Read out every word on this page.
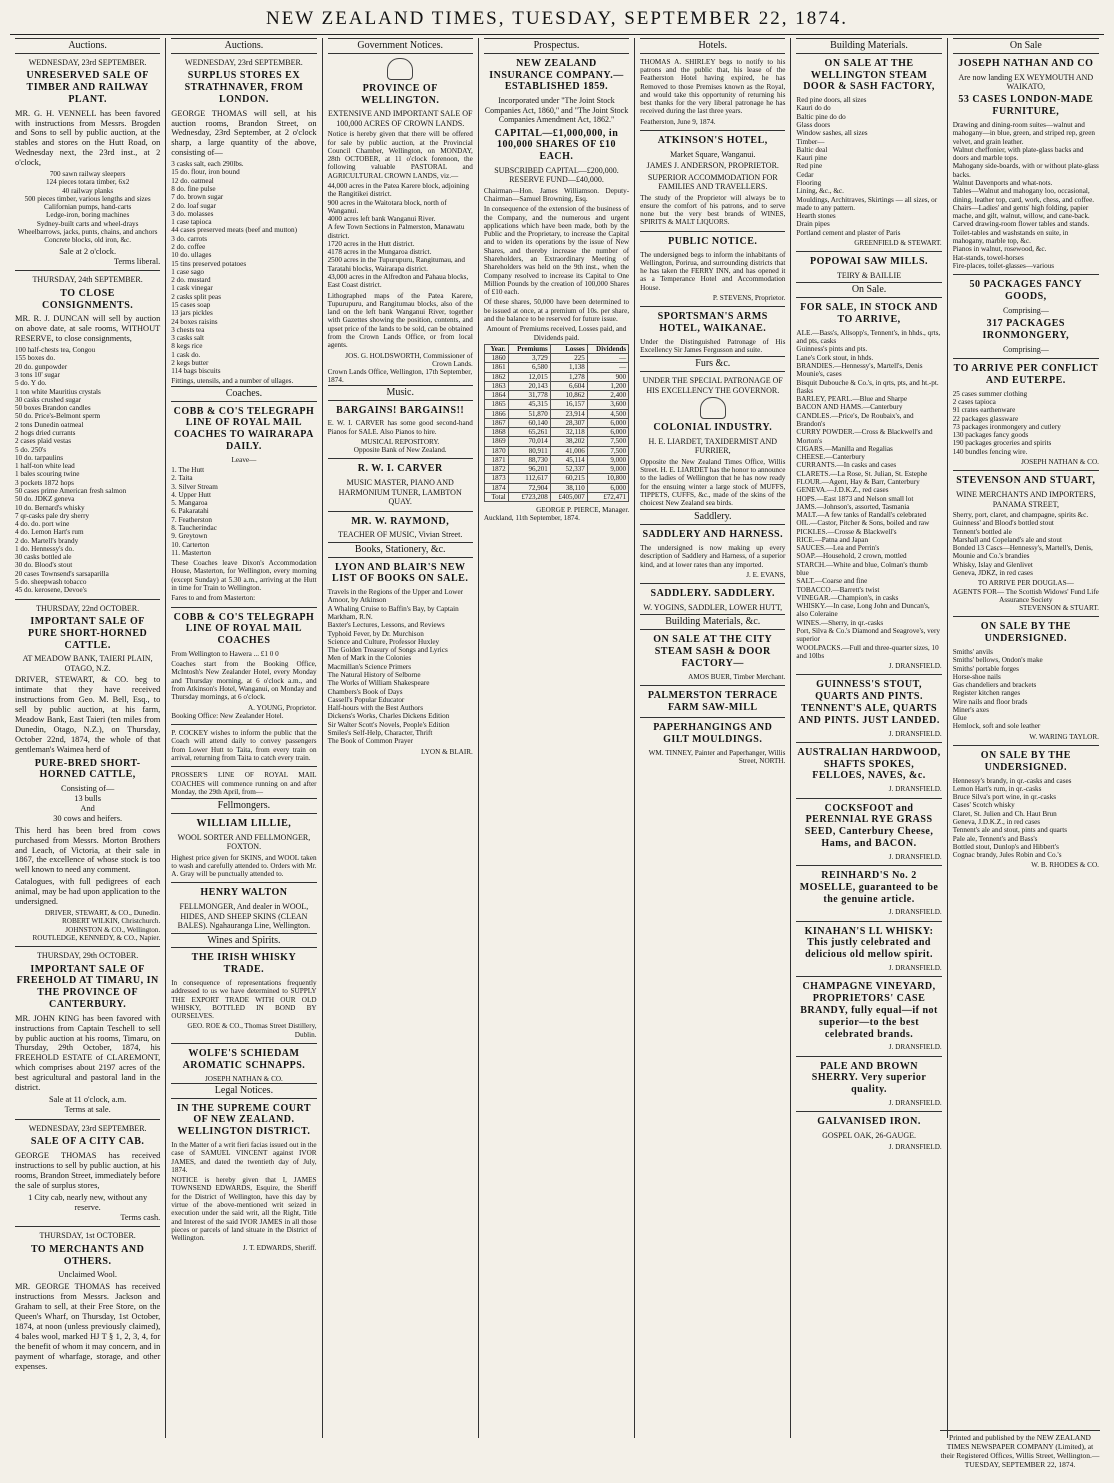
NEW ZEALAND TIMES, TUESDAY, SEPTEMBER 22, 1874.
Auctions.
WEDNESDAY, 23rd SEPTEMBER.
UNRESERVED SALE OF TIMBER AND RAILWAY PLANT.

MR. G. H. VENNELL has been favored with instructions from Messrs. Brogden and Sons to sell by public auction, at the stables and stores on the Hutt Road, on Wednesday next, the 23rd inst., at 2 o'clock,

700 sawn railway sleepers
124 pieces totara timber, 6x2
40 railway planks
500 pieces timber, various lengths and sizes
Californian pumps, hand-carts
Ledge-iron, boring machines
Sydney-built carts and wheel-drays
Wheelbarrows, jacks, punts, chains, and anchors
Concrete blocks, old iron, &c.
Sale at 2 o'clock.
Terms liberal.
THURSDAY, 24th SEPTEMBER.
TO CLOSE CONSIGNMENTS.

MR. R. J. DUNCAN will sell by auction on above date, at sale rooms, WITHOUT RESERVE, to close consignments,

100 half-chests tea, Congou
155 boxes do.
20 do. gunpowder
3 tons 10' sugar
5 do. Y do.
1 ton white Mauritius crystals
30 casks crushed sugar
50 boxes Brandon candles
50 do. Price's-Belmont sperm
2 tons Dunedin oatmeal
2 hogs dried currants
2 cases plaid vestas
5 do. 250's
10 do. tarpaulins
1 half-ton white lead
1 bales scouring twine
3 pockets 1872 hops
50 cases prime American fresh salmon
50 do. JDKZ geneva
10 do. Bernard's whisky
7 qr-casks pale dry sherry
4 do. do. port wine
4 do. Lemon Hart's rum
2 do. Martell's brandy
1 do. Hennessy's do.
30 casks bottled ale
30 do. Blood's stout
20 cases Townsend's sarsaparilla
5 do. sheepwash tobacco
45 do. kerosene, Devoe's
THURSDAY, 22nd OCTOBER.
IMPORTANT SALE OF PURE SHORT-HORNED CATTLE.
AT MEADOW BANK, TAIERI PLAIN, OTAGO, N.Z.

DRIVER, STEWART, & CO. beg to intimate that they have received instructions from Geo. M. Bell, Esq., to sell by public auction, at his farm, Meadow Bank, East Taieri (ten miles from Dunedin, Otago, N.Z.), on Thursday, October 22nd, 1874, the whole of that gentleman's Waimea herd of

PURE-BRED SHORT-HORNED CATTLE,
Consisting of—
13 bulls
And
30 cows and heifers.

This herd has been bred from cows purchased from Messrs. Morton Brothers and Leach, of Victoria, at their sale in 1867, the excellence of whose stock is too well known to need any comment.

Catalogues, with full pedigrees of each animal, may be had upon application to the undersigned.

DRIVER, STEWART, & CO., Dunedin.
ROBERT WILKIN, Christchurch.
JOHNSTON & CO., Wellington.
ROUTLEDGE, KENNEDY, & CO., Napier.
THURSDAY, 29th OCTOBER.
IMPORTANT SALE OF FREEHOLD AT TIMARU, IN THE PROVINCE OF CANTERBURY.

MR. JOHN KING has been favored with instructions from Captain Teschell to sell by public auction at his rooms, Timaru, on Thursday, 29th October, 1874, his FREEHOLD ESTATE of CLAREMONT, which comprises about 2197 acres of the best agricultural and pastoral land in the district.

Sale at 11 o'clock, a.m.
Terms at sale.
WEDNESDAY, 23rd SEPTEMBER.
SALE OF A CITY CAB.

GEORGE THOMAS has received instructions to sell by public auction, at his rooms, Brandon Street, immediately before the sale of surplus stores,

1 City cab, nearly new, without any reserve.
Terms cash.
THURSDAY, 1st OCTOBER.
TO MERCHANTS AND OTHERS.
Unclaimed Wool.

MR. GEORGE THOMAS has received instructions from Messrs. Jackson and Graham to sell, at their Free Store, on the Queen's Wharf, on Thursday, 1st October, 1874, at noon (unless previously claimed), 4 bales wool, marked HJ T § 1, 2, 3, 4, for the benefit of whom it may concern, and in payment of wharfage, storage, and other expenses.

Auctions.
WEDNESDAY, 23rd SEPTEMBER.
SURPLUS STORES EX STRATHNAVER, FROM LONDON.

GEORGE THOMAS will sell, at his auction rooms, Brandon Street, on Wednesday, 23rd September, at 2 o'clock sharp, a large quantity of the above, consisting of—

3 casks salt, each 290lbs.
15 do. flour, iron bound
12 do. oatmeal
8 do. fine pulse
7 do. brown sugar
2 do. loaf sugar
3 do. molasses
1 case tapioca
44 cases preserved meats (beef and mutton)
3 do. carrots
2 do. coffee
10 do. ullages
15 tins preserved potatoes
1 case sago
2 do. mustard
1 cask vinegar
2 casks split peas
15 cases soap
13 jars pickles
24 boxes raisins
3 chests tea
3 casks salt
8 kegs rice
1 cask do.
2 kegs butter
114 bags biscuits
Fittings, utensils, and a number of ullages.
Coaches.
COBB & CO'S TELEGRAPH LINE OF ROYAL MAIL COACHES TO WAIRARAPA DAILY.
Leave—
1. The Hutt
2. Taita
3. Silver Stream
4. Upper Hutt
5. Mangaroa
6. Pakaratahi
7. Featherston
8. Taucherindac
9. Greytown
10. Carterton
11. Masterton

These Coaches leave Dixon's Accommodation House, Masterton, for Wellington, every morning (except Sunday) at 5.30 a.m., arriving at the Hutt in time for Train to Wellington.

Fares to and from Masterton:
COBB & CO'S TELEGRAPH LINE OF ROYAL MAIL COACHES
From Wellington to Hawera ... £1 0 0

Coaches start from the Booking Office, McIntosh's New Zealander Hotel, every Monday and Thursday morning, at 6 o'clock a.m., and from Atkinson's Hotel, Wanganui, on Monday and Thursday mornings, at 6 o'clock.

A. YOUNG, Proprietor.
Booking Office: New Zealander Hotel.

P. COCKEY wishes to inform the public that the Coach will attend daily to convey passengers from Lower Hutt to Taita, from every train on arrival, returning from Taita to catch every train.

PROSSER'S LINE OF ROYAL MAIL COACHES will commence running on and after Monday, the 29th April, from—

Fellmongers.
WILLIAM LILLIE,
WOOL SORTER AND FELLMONGER, FOXTON.

Highest price given for SKINS, and WOOL taken to wash and carefully attended to. Orders with Mr. A. Gray will be punctually attended to.

HENRY WALTON
FELLMONGER, And dealer in WOOL, HIDES, AND SHEEP SKINS (CLEAN BALES). Ngahauranga Line, Wellington.
Wines and Spirits.
THE IRISH WHISKY TRADE.

In consequence of representations frequently addressed to us we have determined to SUPPLY THE EXPORT TRADE WITH OUR OLD WHISKY, BOTTLED IN BOND BY OURSELVES.

GEO. ROE & CO., Thomas Street Distillery, Dublin.
WOLFE'S SCHIEDAM AROMATIC SCHNAPPS.
JOSEPH NATHAN & CO.
Legal Notices.
IN THE SUPREME COURT OF NEW ZEALAND. WELLINGTON DISTRICT.

In the Matter of a writ fieri facias issued out in the case of SAMUEL VINCENT against IVOR JAMES, and dated the twentieth day of July, 1874.

NOTICE is hereby given that I, JAMES TOWNSEND EDWARDS, Esquire, the Sheriff for the District of Wellington, have this day by virtue of the above-mentioned writ seized in execution under the said writ, all the Right, Title and Interest of the said IVOR JAMES in all those pieces or parcels of land situate in the District of Wellington.

J. T. EDWARDS, Sheriff.
Government Notices.
PROVINCE OF WELLINGTON.
EXTENSIVE AND IMPORTANT SALE OF 100,000 ACRES OF CROWN LANDS.

Notice is hereby given that there will be offered for sale by public auction, at the Provincial Council Chamber, Wellington, on MONDAY, 28th OCTOBER, at 11 o'clock forenoon, the following valuable PASTORAL and AGRICULTURAL CROWN LANDS, viz.—

44,000 acres in the Patea Karere block, adjoining the Rangitikei district.
900 acres in the Waitotara block, north of Wanganui.
4000 acres left bank Wanganui River.
A few Town Sections in Palmerston, Manawatu district.
1720 acres in the Hutt district.
4178 acres in the Mungaroa district.
2500 acres in the Tupurupuru, Rangitumau, and Taratahi blocks, Wairarapa district.
43,000 acres in the Alfredton and Pahaua blocks, East Coast district.

Lithographed maps of the Patea Karere, Tupurupuru, and Rangitumau blocks, also of the land on the left bank Wanganui River, together with Gazettes showing the position, contents, and upset price of the lands to be sold, can be obtained from the Crown Lands Office, or from local agents.

JOS. G. HOLDSWORTH, Commissioner of Crown Lands.
Crown Lands Office, Wellington, 17th September, 1874.
Music.
BARGAINS! BARGAINS!!

E. W. I. CARVER has some good second-hand Pianos for SALE. Also Pianos to hire.

MUSICAL REPOSITORY.
Opposite Bank of New Zealand.
R. W. I. CARVER
MUSIC MASTER, PIANO AND HARMONIUM TUNER, LAMBTON QUAY.
MR. W. RAYMOND,
TEACHER OF MUSIC, Vivian Street.
Books, Stationery, &c.
LYON AND BLAIR'S NEW LIST OF BOOKS ON SALE.
Travels in the Regions of the Upper and Lower Amoor, by Atkinson
A Whaling Cruise to Baffin's Bay, by Captain Markham, R.N.
Baxter's Lectures, Lessons, and Reviews
Typhoid Fever, by Dr. Murchison
Science and Culture, Professor Huxley
The Golden Treasury of Songs and Lyrics
Men of Mark in the Colonies
Macmillan's Science Primers
The Natural History of Selborne
The Works of William Shakespeare
Chambers's Book of Days
Cassell's Popular Educator
Half-hours with the Best Authors
Dickens's Works, Charles Dickens Edition
Sir Walter Scott's Novels, People's Edition
Smiles's Self-Help, Character, Thrift
The Book of Common Prayer
LYON & BLAIR.
Prospectus.
NEW ZEALAND INSURANCE COMPANY.—ESTABLISHED 1859.
Incorporated under "The Joint Stock Companies Act, 1860," and "The Joint Stock Companies Amendment Act, 1862."
CAPITAL—£1,000,000, in 100,000 SHARES OF £10 EACH.
SUBSCRIBED CAPITAL—£200,000. RESERVE FUND—£40,000.

Chairman—Hon. James Williamson. Deputy-Chairman—Samuel Browning, Esq.

In consequence of the extension of the business of the Company, and the numerous and urgent applications which have been made, both by the Public and the Proprietary, to increase the Capital and to widen its operations by the issue of New Shares, and thereby increase the number of Shareholders, an Extraordinary Meeting of Shareholders was held on the 9th inst., when the Company resolved to increase its Capital to One Million Pounds by the creation of 100,000 Shares of £10 each.

Of these shares, 50,000 have been determined to be issued at once, at a premium of 10s. per share, and the balance to be reserved for future issue.

Amount of Premiums received, Losses paid, and Dividends paid.
Year.	Premiums	Losses	Dividends
1860	3,729	225	—
1861	6,580	1,138	—
1862	12,015	1,278	900
1863	20,143	6,604	1,200
1864	31,778	10,862	2,400
1865	45,315	16,157	3,600
1866	51,870	23,914	4,500
1867	60,140	28,307	6,000
1868	65,261	32,118	6,000
1869	70,014	38,202	7,500
1870	80,911	41,006	7,500
1871	88,730	45,114	9,000
1872	96,201	52,337	9,000
1873	112,617	60,215	10,800
1874	72,904	38,110	6,000
Total	£723,208	£405,007	£72,471
GEORGE P. PIERCE, Manager.
Auckland, 11th September, 1874.
Hotels.

THOMAS A. SHIRLEY begs to notify to his patrons and the public that, his lease of the Featherston Hotel having expired, he has Removed to those Premises known as the Royal, and would take this opportunity of returning his best thanks for the very liberal patronage he has received during the last three years.

Featherston, June 9, 1874.
ATKINSON'S HOTEL,
Market Square, Wanganui.
JAMES J. ANDERSON, PROPRIETOR.
SUPERIOR ACCOMMODATION FOR FAMILIES AND TRAVELLERS.

The study of the Proprietor will always be to ensure the comfort of his patrons, and to serve none but the very best brands of WINES, SPIRITS & MALT LIQUORS.

PUBLIC NOTICE.

The undersigned begs to inform the inhabitants of Wellington, Porirua, and surrounding districts that he has taken the FERRY INN, and has opened it as a Temperance Hotel and Accommodation House.

P. STEVENS, Proprietor.
SPORTSMAN'S ARMS HOTEL, WAIKANAE.

Under the Distinguished Patronage of His Excellency Sir James Fergusson and suite.

Furs &c.
UNDER THE SPECIAL PATRONAGE OF HIS EXCELLENCY THE GOVERNOR.
COLONIAL INDUSTRY.
H. E. LIARDET, TAXIDERMIST AND FURRIER,

Opposite the New Zealand Times Office, Willis Street. H. E. LIARDET has the honor to announce to the ladies of Wellington that he has now ready for the ensuing winter a large stock of MUFFS, TIPPETS, CUFFS, &c., made of the skins of the choicest New Zealand sea birds.

Saddlery.
SADDLERY AND HARNESS.

The undersigned is now making up every description of Saddlery and Harness, of a superior kind, and at lower rates than any imported.

J. E. EVANS,
SADDLERY. SADDLERY.
W. YOGINS, SADDLER, LOWER HUTT,
Building Materials, &c.
ON SALE AT THE CITY STEAM SASH & DOOR FACTORY—
AMOS BUER, Timber Merchant.
PALMERSTON TERRACE FARM SAW-MILL
PAPERHANGINGS AND GILT MOULDINGS.
WM. TINNEY, Painter and Paperhanger, Willis Street, NORTH.
Building Materials.
ON SALE AT THE WELLINGTON STEAM DOOR & SASH FACTORY,
Red pine doors, all sizes
Kauri do do
Baltic pine do do
Glass doors
Window sashes, all sizes
Timber—
Baltic deal
Kauri pine
Red pine
Cedar
Flooring
Lining, &c., &c.
Mouldings, Architraves, Skirtings — all sizes, or made to any pattern.
Hearth stones
Drain pipes
Portland cement and plaster of Paris
GREENFIELD & STEWART.
POPOWAI SAW MILLS.
TEIRY & BAILLIE
On Sale.
FOR SALE, IN STOCK AND TO ARRIVE,
ALE.—Bass's, Allsopp's, Tennent's, in hhds., qrts, and pts, casks
Guinness's pints and pts.
Lane's Cork stout, in hhds.
BRANDIES.—Hennessy's, Martell's, Denis Mounie's, cases
Bisquit Dubouche & Co.'s, in qrts, pts, and ht.-pt. flasks
BARLEY, PEARL.—Blue and Sharpe
BACON AND HAMS.—Canterbury
CANDLES.—Price's, De Roubaix's, and Brandon's
CURRY POWDER.—Cross & Blackwell's and Morton's
CIGARS.—Manilla and Regalias
CHEESE.—Canterbury
CURRANTS.—In casks and cases
CLARETS.—La Rose, St. Julian, St. Estephe
FLOUR.—Agent, Hay & Barr, Canterbury
GENEVA.—J.D.K.Z., red cases
HOPS.—East 1873 and Nelson small lot
JAMS.—Johnson's, assorted, Tasmania
MALT.—A few tanks of Randall's celebrated
OIL.—Castor, Pitcher & Sons, boiled and raw
PICKLES.—Crosse & Blackwell's
RICE.—Patna and Japan
SAUCES.—Lea and Perrin's
SOAP.—Household, 2 crown, mottled
STARCH.—White and blue, Colman's thumb blue
SALT.—Coarse and fine
TOBACCO.—Barrett's twist
VINEGAR.—Champion's, in casks
WHISKY.—In case, Long John and Duncan's, also Coleraine
WINES.—Sherry, in qr.-casks
Port, Silva & Co.'s Diamond and Seagrove's, very superior
WOOLPACKS.—Full and three-quarter sizes, 10 and 10lbs
J. DRANSFIELD.
GUINNESS'S STOUT, QUARTS AND PINTS. TENNENT'S ALE, QUARTS AND PINTS. JUST LANDED.
J. DRANSFIELD.
AUSTRALIAN HARDWOOD, SHAFTS SPOKES, FELLOES, NAVES, &c.
J. DRANSFIELD.
COCKSFOOT and PERENNIAL RYE GRASS SEED, Canterbury Cheese, Hams, and BACON.
J. DRANSFIELD.
REINHARD'S No. 2 MOSELLE, guaranteed to be the genuine article.
J. DRANSFIELD.
KINAHAN'S LL WHISKY: This justly celebrated and delicious old mellow spirit.
J. DRANSFIELD.
CHAMPAGNE VINEYARD, PROPRIETORS' CASE BRANDY, fully equal—if not superior—to the best celebrated brands.
J. DRANSFIELD.
PALE AND BROWN SHERRY. Very superior quality.
J. DRANSFIELD.
GALVANISED IRON.
GOSPEL OAK, 26-GAUGE.
J. DRANSFIELD.
On Sale
JOSEPH NATHAN AND CO
Are now landing EX WEYMOUTH AND WAIKATO,
53 CASES LONDON-MADE FURNITURE,
Drawing and dining-room suites—walnut and mahogany—in blue, green, and striped rep, green velvet, and grain leather.
Walnut cheffonier, with plate-glass backs and doors and marble tops.
Mahogany side-boards, with or without plate-glass backs.
Walnut Davenports and what-nots.
Tables—Walnut and mahogany loo, occasional, dining, leather top, card, work, chess, and coffee.
Chairs—Ladies' and gents' high folding, papier mache, and gilt, walnut, willow, and cane-back.
Carved drawing-room flower tables and stands.
Toilet-tables and washstands en suite, in mahogany, marble top, &c.
Pianos in walnut, rosewood, &c.
Hat-stands, towel-horses
Fire-places, toilet-glasses—various
50 PACKAGES FANCY GOODS,
Comprising—
317 PACKAGES IRONMONGERY,
Comprising—
TO ARRIVE PER CONFLICT AND EUTERPE.
25 cases summer clothing
2 cases tapioca
91 crates earthenware
22 packages glassware
73 packages ironmongery and cutlery
130 packages fancy goods
190 packages groceries and spirits
140 bundles fencing wire.
JOSEPH NATHAN & CO.
STEVENSON AND STUART,
WINE MERCHANTS AND IMPORTERS, PANAMA STREET,
Sherry, port, claret, and champagne, spirits &c.
Guinness' and Blood's bottled stout
Tennent's bottled ale
Marshall and Copeland's ale and stout
Bonded 13 Cascs—Hennessy's, Martell's, Denis, Mounie and Co.'s brandies
Whisky, Islay and Glenlivet
Geneva, JDKZ, in red cases
TO ARRIVE PER DOUGLAS—
AGENTS FOR— The Scottish Widows' Fund Life Assurance Society
STEVENSON & STUART.
ON SALE BY THE UNDERSIGNED.
Smiths' anvils
Smiths' bellows, Ondon's make
Smiths' portable forges
Horse-shoe nails
Gas chandeliers and brackets
Register kitchen ranges
Wire nails and floor brads
Miner's axes
Glue
Hemlock, soft and sole leather
W. WARING TAYLOR.
ON SALE BY THE UNDERSIGNED.
Hennessy's brandy, in qr.-casks and cases
Lemon Hart's rum, in qr.-casks
Bruce Silva's port wine, in qr.-casks
Cases' Scotch whisky
Claret, St. Julien and Ch. Haut Brun
Geneva, J.D.K.Z., in red cases
Tennent's ale and stout, pints and quarts
Pale ale, Tennent's and Bass's
Bottled stout, Dunlop's and Hibbert's
Cognac brandy, Jules Robin and Co.'s
W. B. RHODES & CO.
Printed and published by the NEW ZEALAND TIMES NEWSPAPER COMPANY (Limited), at their Registered Offices, Willis Street, Wellington.—TUESDAY, SEPTEMBER 22, 1874.
